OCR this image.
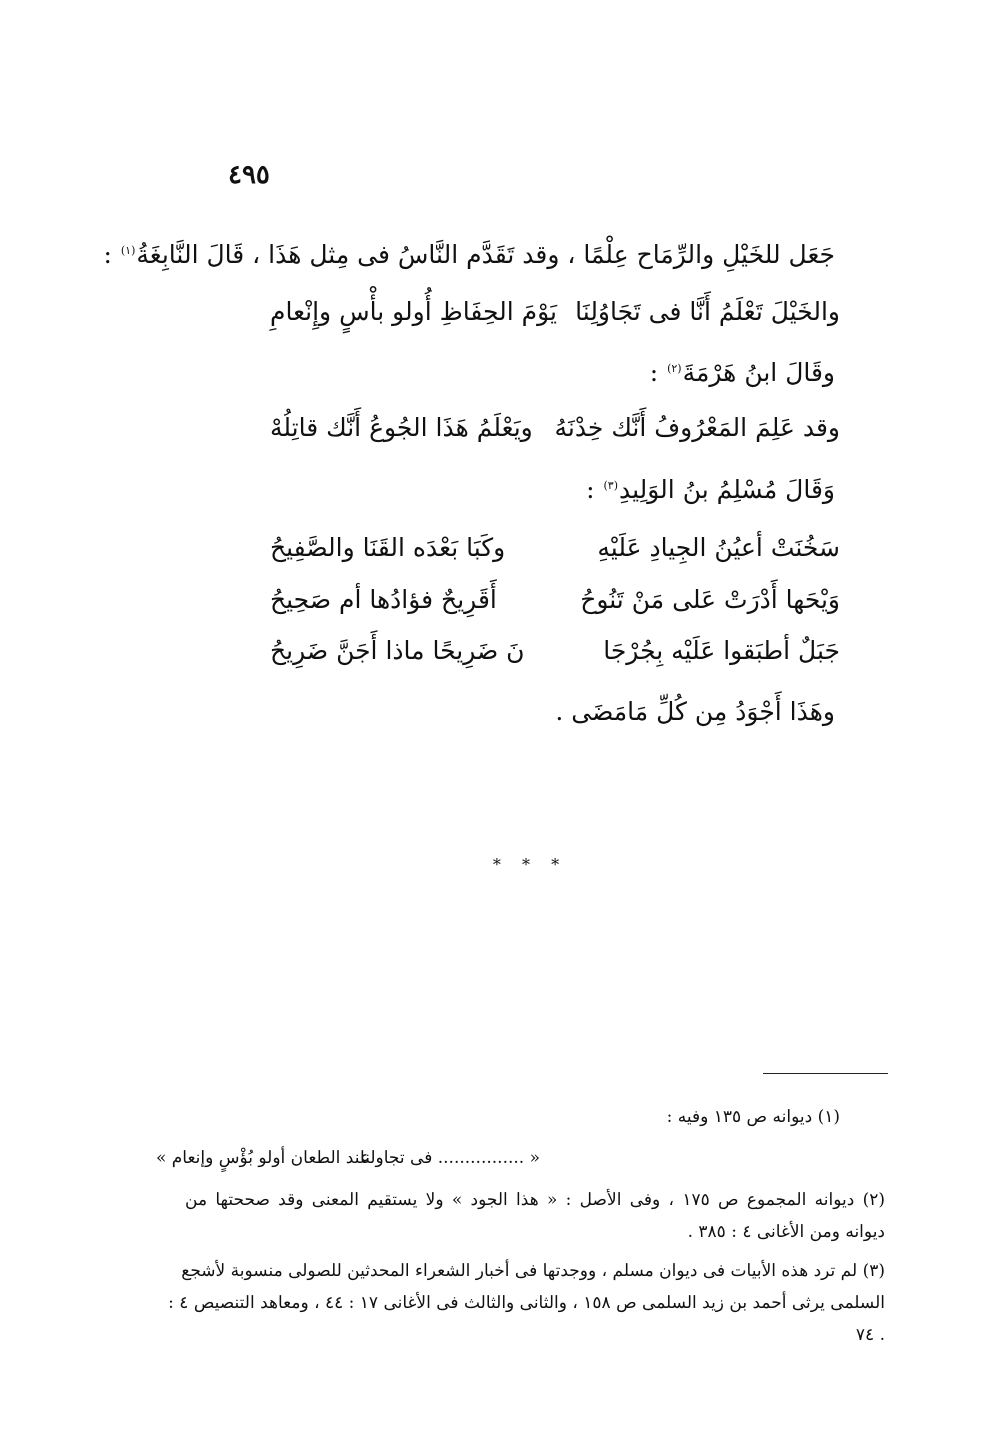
٤٩٥
جَعَل للخَيْلِ والرِّمَاح عِلْمًا ، وقد تَقَدَّم النَّاسُ فى مِثل هَذَا ، قَالَ النَّابِغَةُ$^{(١)}$ :
والخَيْلَ تَعْلَمُ أَنَّا فى تَجَاوُلِنَا
يَوْمَ الحِفَاظِ أُولو بأْسٍ وإِنْعامِ
وقَالَ ابنُ هَرْمَةَ$^{(٢)}$ :
وقد عَلِمَ المَعْرُوفُ أَنَّك خِدْنَهُ
ويَعْلَمُ هَذَا الجُوعُ أَنَّك قاتِلُهْ
وَقَالَ مُسْلِمُ بنُ الوَلِيدِ$^{(٣)}$ :
سَخُنَتْ أعيُنُ الجِيادِ عَلَيْهِ
وكَبَا بَعْدَه القَنَا والصَّفِيحُ
وَيْحَها أَدْرَتْ عَلى مَنْ تَنُوحُ
أَقَرِيحٌ فؤادُها أم صَحِيحُ
جَبَلٌ أطبَقوا عَلَيْه بِجُرْجَا
نَ ضَرِيحًا ماذا أَجَنَّ ضَرِيحُ
وهَذَا أَجْوَدُ مِن كُلِّ مَامَضَى .
* * *
(١) ديوانه ص ١٣٥ وفيه :
« ................ فى تجاولنا
عند الطعان أولو بُؤْسٍ وإنعام »
(٢) ديوانه المجموع ص ١٧٥ ، وفى الأصل : « هذا الجود » ولا يستقيم المعنى وقد صححتها من
ديوانه ومن الأغانى ٤ : ٣٨٥ .
(٣) لم ترد هذه الأبيات فى ديوان مسلم ، ووجدتها فى أخبار الشعراء المحدثين للصولى منسوبة لأشجع
السلمى يرثى أحمد بن زيد السلمى ص ١٥٨ ، والثانى والثالث فى الأغانى ١٧ : ٤٤ ، ومعاهد التنصيص ٤ :
٧٤ .
